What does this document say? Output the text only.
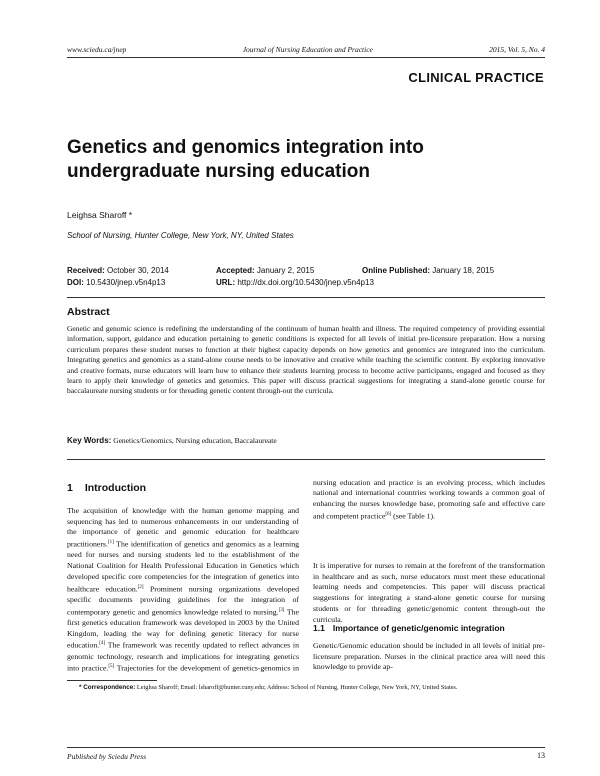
www.sciedu.ca/jnep	Journal of Nursing Education and Practice	2015, Vol. 5, No. 4
CLINICAL PRACTICE
Genetics and genomics integration into undergraduate nursing education
Leighsa Sharoff *
School of Nursing, Hunter College, New York, NY, United States
Received: October 30, 2014	Accepted: January 2, 2015	Online Published: January 18, 2015
DOI: 10.5430/jnep.v5n4p13	URL: http://dx.doi.org/10.5430/jnep.v5n4p13
Abstract

Genetic and genomic science is redefining the understanding of the continuum of human health and illness. The required competency of providing essential information, support, guidance and education pertaining to genetic conditions is expected for all levels of initial pre-licensure preparation. How a nursing curriculum prepares these student nurses to function at their highest capacity depends on how genetics and genomics are integrated into the curriculum. Integrating genetics and genomics as a stand-alone course needs to be innovative and creative while teaching the scientific content. By exploring innovative and creative formats, nurse educators will learn how to enhance their students learning process to become active participants, engaged and focused as they learn to apply their knowledge of genetics and genomics. This paper will discuss practical suggestions for integrating a stand-alone genetic course for baccalaureate nursing students or for threading genetic content through-out the curricula.

Key Words: Genetics/Genomics, Nursing education, Baccalaureate
1 Introduction

The acquisition of knowledge with the human genome mapping and sequencing has led to numerous enhancements in our understanding of the importance of genetic and genomic education for healthcare practitioners.[1] The identification of genetics and genomics as a learning need for nurses and nursing students led to the establishment of the National Coalition for Health Professional Education in Genetics which developed specific core competencies for the integration of genetics into healthcare education.[2] Prominent nursing organizations developed specific documents providing guidelines for the integration of contemporary genetic and genomics knowledge related to nursing.[3] The first genetics education framework was developed in 2003 by the United Kingdom, leading the way for defining genetic literacy for nurse education.[4] The framework was recently updated to reflect advances in genomic technology, research and implications for integrating genetics into practice.[5] Trajectories for the development of genetics-genomics in

nursing education and practice is an evolving process, which includes national and international countries working towards a common goal of enhancing the nurses knowledge base, promoting safe and effective care and competent practice[6] (see Table 1).

It is imperative for nurses to remain at the forefront of the transformation in healthcare and as such, nurse educators must meet these educational learning needs and competencies. This paper will discuss practical suggestions for integrating a stand-alone genetic course for nursing students or for threading genetic/genomic content through-out the curricula.

1.1 Importance of genetic/genomic integration

Genetic/Genomic education should be included in all levels of initial pre-licensure preparation. Nurses in the clinical practice area will need this knowledge to provide ap-

* Correspondence: Leighsa Sharoff; Email: lsharoff@hunter.cuny.edu; Address: School of Nursing, Hunter College, New York, NY, United States.
Published by Sciedu Press	13
